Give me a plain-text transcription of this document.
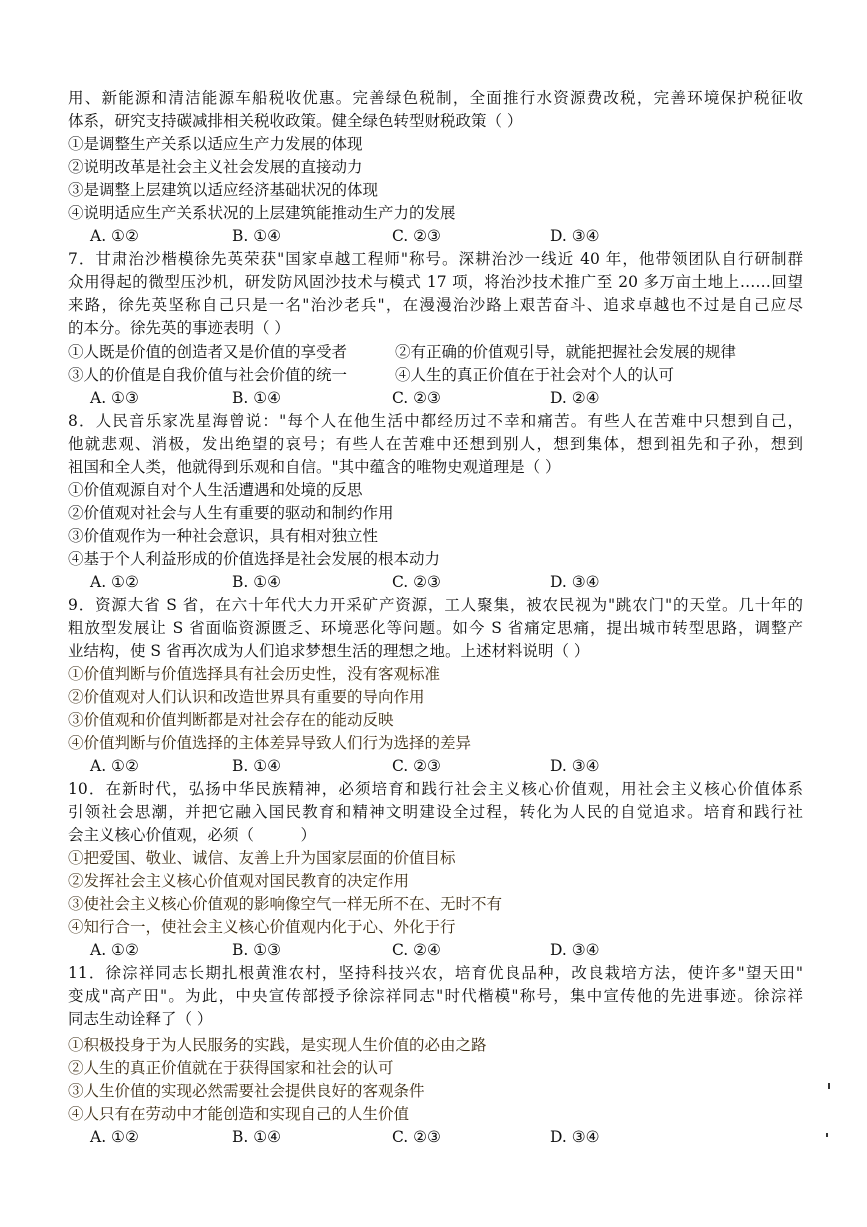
用、新能源和清洁能源车船税收优惠。完善绿色税制，全面推行水资源费改税，完善环境保护税征收
体系，研究支持碳减排相关税收政策。健全绿色转型财税政策（ ）
①是调整生产关系以适应生产力发展的体现
②说明改革是社会主义社会发展的直接动力
③是调整上层建筑以适应经济基础状况的体现
④说明适应生产关系状况的上层建筑能推动生产力的发展
A. ①②	B. ①④	C. ②③	D. ③④
7．甘肃治沙楷模徐先英荣获"国家卓越工程师"称号。深耕治沙一线近 40 年，他带领团队自行研制群
众用得起的微型压沙机，研发防风固沙技术与模式 17 项，将治沙技术推广至 20 多万亩土地上……回望
来路，徐先英坚称自己只是一名"治沙老兵"，在漫漫治沙路上艰苦奋斗、追求卓越也不过是自己应尽
的本分。徐先英的事迹表明（ ）
①人既是价值的创造者又是价值的享受者	②有正确的价值观引导，就能把握社会发展的规律
③人的价值是自我价值与社会价值的统一	④人生的真正价值在于社会对个人的认可
A. ①③	B. ①④	C. ②③	D. ②④
8．人民音乐家冼星海曾说："每个人在他生活中都经历过不幸和痛苦。有些人在苦难中只想到自己，
他就悲观、消极，发出绝望的哀号；有些人在苦难中还想到别人，想到集体，想到祖先和子孙，想到
祖国和全人类，他就得到乐观和自信。"其中蕴含的唯物史观道理是（ ）
①价值观源自对个人生活遭遇和处境的反思
②价值观对社会与人生有重要的驱动和制约作用
③价值观作为一种社会意识，具有相对独立性
④基于个人利益形成的价值选择是社会发展的根本动力
A. ①②	B. ①④	C. ②③	D. ③④
9．资源大省 S 省，在六十年代大力开采矿产资源，工人聚集，被农民视为"跳农门"的天堂。几十年的
粗放型发展让 S 省面临资源匮乏、环境恶化等问题。如今 S 省痛定思痛，提出城市转型思路，调整产
业结构，使 S 省再次成为人们追求梦想生活的理想之地。上述材料说明（ ）
①价值判断与价值选择具有社会历史性，没有客观标准
②价值观对人们认识和改造世界具有重要的导向作用
③价值观和价值判断都是对社会存在的能动反映
④价值判断与价值选择的主体差异导致人们行为选择的差异
A. ①②	B. ①④	C. ②③	D. ③④
10．在新时代，弘扬中华民族精神，必须培育和践行社会主义核心价值观，用社会主义核心价值体系
引领社会思潮，并把它融入国民教育和精神文明建设全过程，转化为人民的自觉追求。培育和践行社
会主义核心价值观，必须（　　　）
①把爱国、敬业、诚信、友善上升为国家层面的价值目标
②发挥社会主义核心价值观对国民教育的决定作用
③使社会主义核心价值观的影响像空气一样无所不在、无时不有
④知行合一，使社会主义核心价值观内化于心、外化于行
A. ①②	B. ①③	C. ②④	D. ③④
11．徐淙祥同志长期扎根黄淮农村，坚持科技兴农，培育优良品种，改良栽培方法，使许多"望天田"
变成"高产田"。为此，中央宣传部授予徐淙祥同志"时代楷模"称号，集中宣传他的先进事迹。徐淙祥
同志生动诠释了（ ）
①积极投身于为人民服务的实践，是实现人生价值的必由之路
②人生的真正价值就在于获得国家和社会的认可
③人生价值的实现必然需要社会提供良好的客观条件
④人只有在劳动中才能创造和实现自己的人生价值
A. ①②	B. ①④	C. ②③	D. ③④
